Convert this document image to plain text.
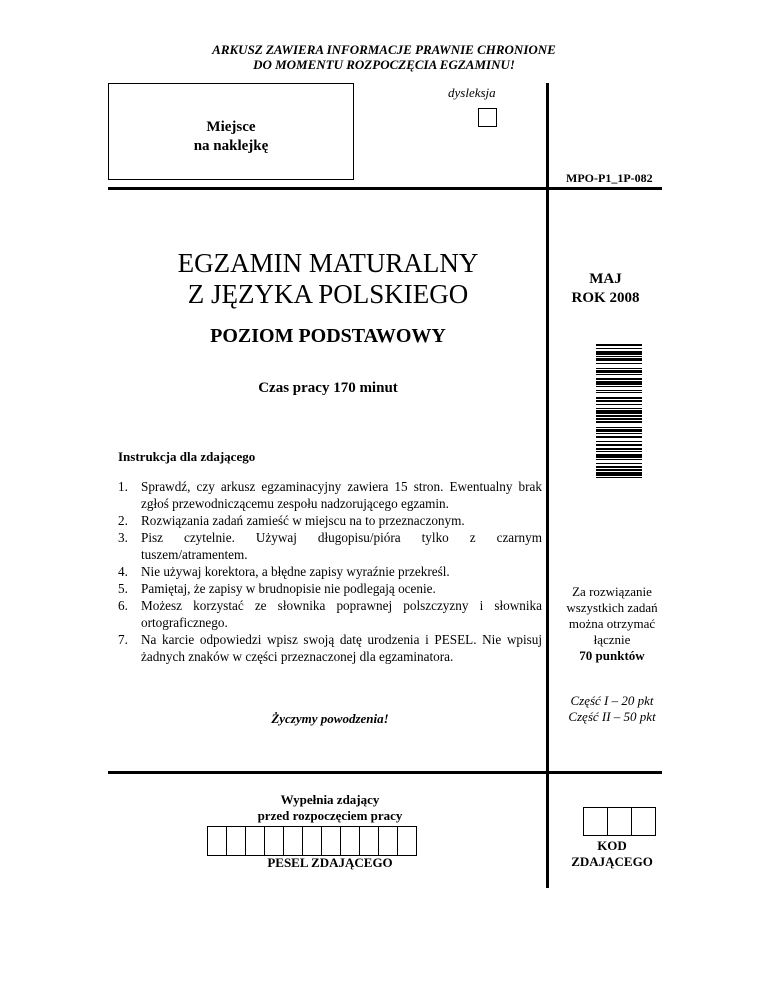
ARKUSZ ZAWIERA INFORMACJE PRAWNIE CHRONIONE
DO MOMENTU ROZPOCZĘCIA EGZAMINU!
Miejsce
na naklejkę
dysleksja
MPO-P1_1P-082
EGZAMIN MATURALNY
Z JĘZYKA POLSKIEGO
POZIOM PODSTAWOWY
Czas pracy 170 minut
MAJ
ROK 2008
Instrukcja dla zdającego
1. Sprawdź, czy arkusz egzaminacyjny zawiera 15 stron. Ewentualny brak zgłoś przewodniczącemu zespołu nadzorującego egzamin.
2. Rozwiązania zadań zamieść w miejscu na to przeznaczonym.
3. Pisz czytelnie. Używaj długopisu/pióra tylko z czarnym tuszem/atramentem.
4. Nie używaj korektora, a błędne zapisy wyraźnie przekreśl.
5. Pamiętaj, że zapisy w brudnopisie nie podlegają ocenie.
6. Możesz korzystać ze słownika poprawnej polszczyzny i słownika ortograficznego.
7. Na karcie odpowiedzi wpisz swoją datę urodzenia i PESEL. Nie wpisuj żadnych znaków w części przeznaczonej dla egzaminatora.
Życzymy powodzenia!
Za rozwiązanie
wszystkich zadań
można otrzymać
łącznie
70 punktów
Część I – 20 pkt
Część II – 50 pkt
Wypełnia zdający
przed rozpoczęciem pracy
PESEL ZDAJĄCEGO
KOD
ZDAJĄCEGO
